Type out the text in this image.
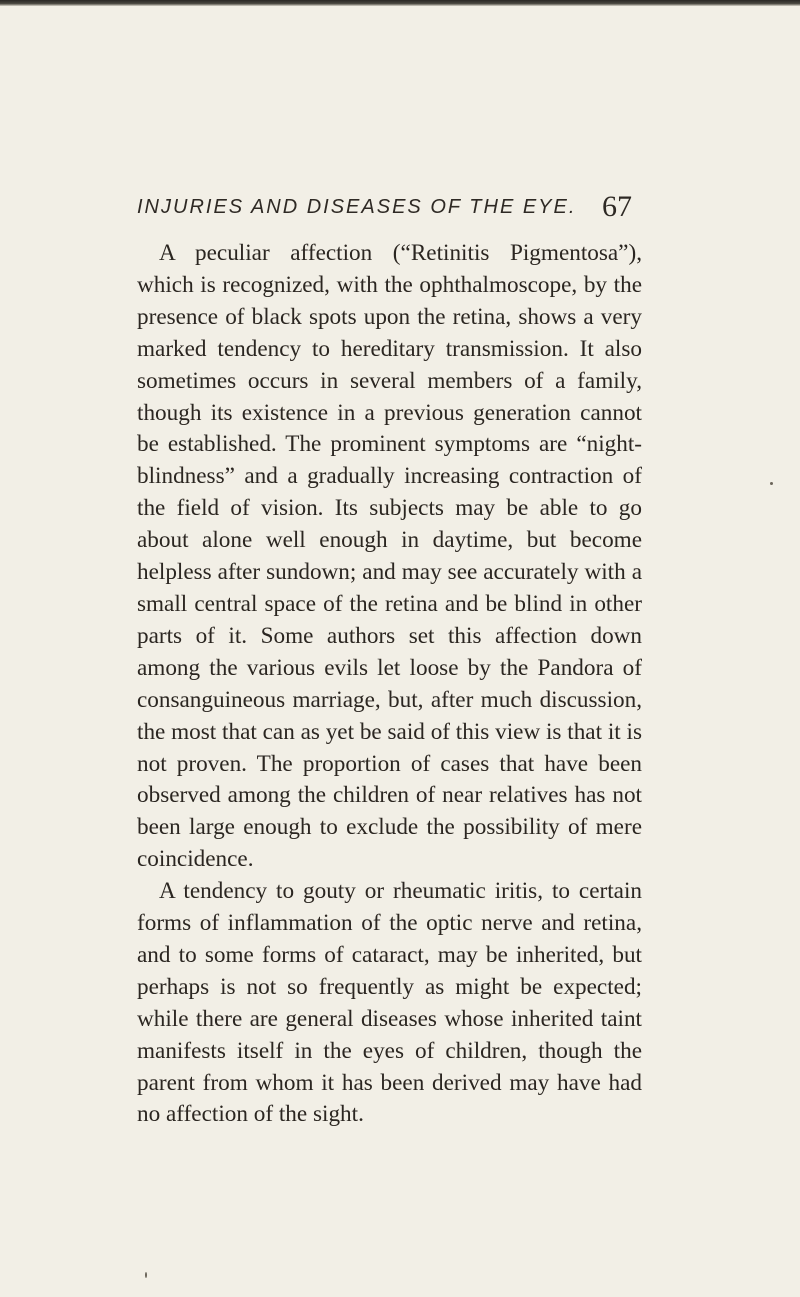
INJURIES AND DISEASES OF THE EYE. 67

A peculiar affection (“Retinitis Pigmentosa”), which is recognized, with the ophthalmoscope, by the presence of black spots upon the retina, shows a very marked tendency to hereditary transmission. It also sometimes occurs in several members of a family, though its existence in a previous generation cannot be established. The prominent symptoms are “night-blindness” and a gradually increasing contraction of the field of vision. Its subjects may be able to go about alone well enough in daytime, but become helpless after sundown; and may see accurately with a small central space of the retina and be blind in other parts of it. Some authors set this affection down among the various evils let loose by the Pandora of consanguineous marriage, but, after much discussion, the most that can as yet be said of this view is that it is not proven. The proportion of cases that have been observed among the children of near relatives has not been large enough to exclude the possibility of mere coincidence.

A tendency to gouty or rheumatic iritis, to certain forms of inflammation of the optic nerve and retina, and to some forms of cataract, may be inherited, but perhaps is not so frequently as might be expected; while there are general diseases whose inherited taint manifests itself in the eyes of children, though the parent from whom it has been derived may have had no affection of the sight.
